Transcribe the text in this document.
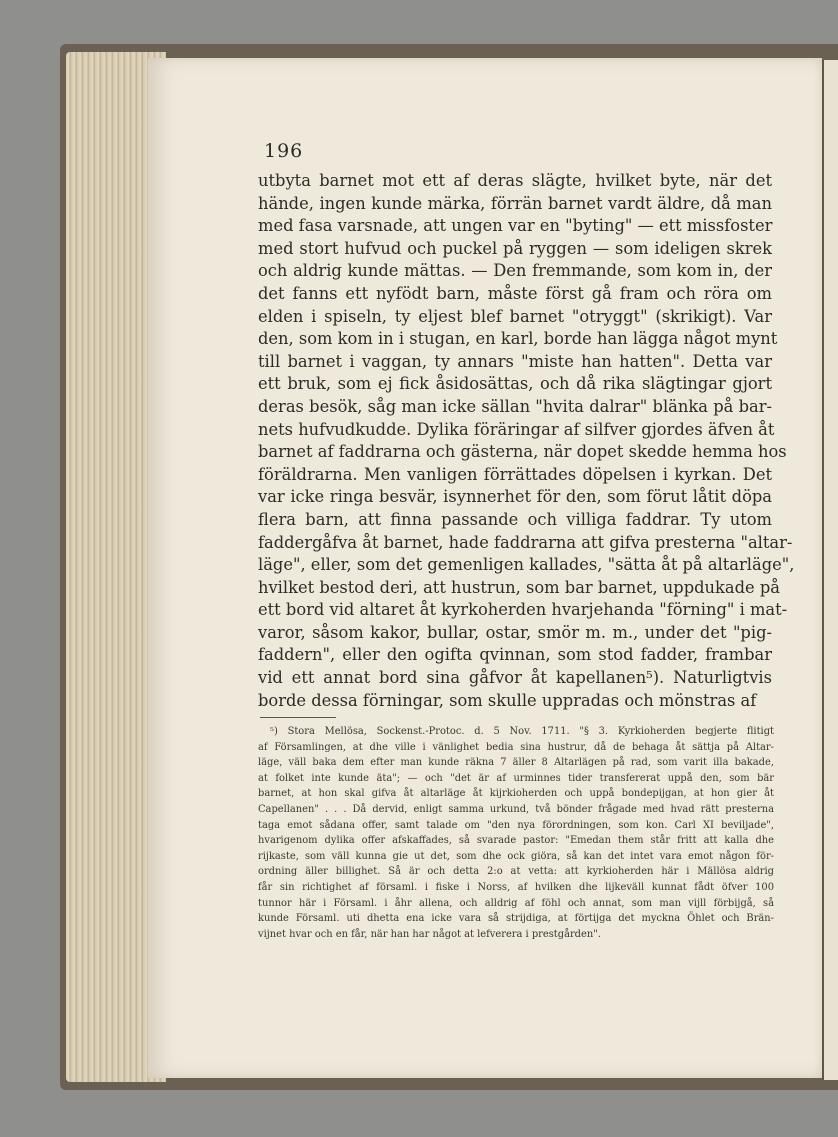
196
utbyta barnet mot ett af deras slägte, hvilket byte, när det
hände, ingen kunde märka, förrän barnet vardt äldre, då man
med fasa varsnade, att ungen var en "byting" — ett missfoster
med stort hufvud och puckel på ryggen — som ideligen skrek
och aldrig kunde mättas. — Den fremmande, som kom in, der
det fanns ett nyfödt barn, måste först gå fram och röra om
elden i spiseln, ty eljest blef barnet "otryggt" (skrikigt). Var
den, som kom in i stugan, en karl, borde han lägga något mynt
till barnet i vaggan, ty annars "miste han hatten". Detta var
ett bruk, som ej fick åsidosättas, och då rika slägtingar gjort
deras besök, såg man icke sällan "hvita dalrar" blänka på bar-
nets hufvudkudde. Dylika föräringar af silfver gjordes äfven åt
barnet af faddrarna och gästerna, när dopet skedde hemma hos
föräldrarna. Men vanligen förrättades döpelsen i kyrkan. Det
var icke ringa besvär, isynnerhet för den, som förut låtit döpa
flera barn, att finna passande och villiga faddrar. Ty utom
faddergåfva åt barnet, hade faddrarna att gifva presterna "altar-
läge", eller, som det gemenligen kallades, "sätta åt på altarläge",
hvilket bestod deri, att hustrun, som bar barnet, uppdukade på
ett bord vid altaret åt kyrkoherden hvarjehanda "förning" i mat-
varor, såsom kakor, bullar, ostar, smör m. m., under det "pig-
faddern", eller den ogifta qvinnan, som stod fadder, frambar
vid ett annat bord sina gåfvor åt kapellanen⁵). Naturligtvis
borde dessa förningar, som skulle uppradas och mönstras af
⁵) Stora Mellösa, Sockenst.-Protoc. d. 5 Nov. 1711. "§ 3. Kyrkioherden begjerte flitigt
af Församlingen, at dhe ville i vänlighet bedia sina hustrur, då de behaga åt sättja på Altar-
läge, väll baka dem efter man kunde räkna 7 äller 8 Altarlägen på rad, som varit illa bakade,
at folket inte kunde äta"; — och "det är af urminnes tider transfererat uppå den, som bär
barnet, at hon skal gifva åt altarläge åt kijrkioherden och uppå bondepijgan, at hon gier åt
Capellanen" . . . Då dervid, enligt samma urkund, två bönder frågade med hvad rätt presterna
taga emot sådana offer, samt talade om "den nya förordningen, som kon. Carl XI beviljade",
hvarigenom dylika offer afskaffades, så svarade pastor: "Emedan them står fritt att kalla dhe
rijkaste, som väll kunna gie ut det, som dhe ock giöra, så kan det intet vara emot någon för-
ordning äller billighet. Så är och detta 2:o at vetta: att kyrkioherden här i Mällösa aldrig
får sin richtighet af församl. i fiske i Norss, af hvilken dhe lijkeväll kunnat fådt öfver 100
tunnor här i Församl. i åhr allena, och alldrig af föhl och annat, som man vijll förbijgå, så
kunde Församl. uti dhetta ena icke vara så strijdiga, at förtijga det myckna Öhlet och Brän-
vijnet hvar och en får, när han har något at lefverera i prestgården".
